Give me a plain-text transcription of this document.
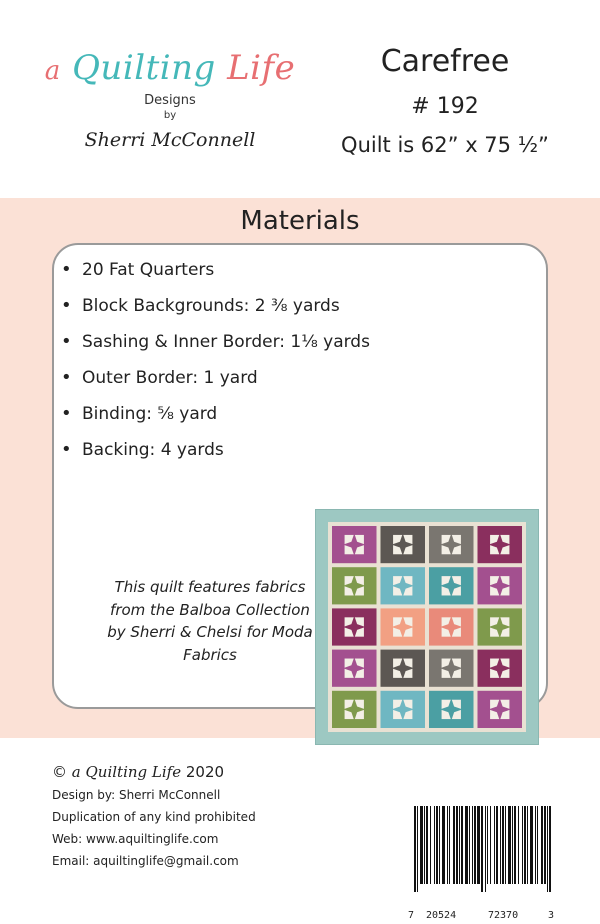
a Quilting Life
Designs
by
Sherri McConnell
Carefree
# 192
Quilt is 62” x 75 ½”
Materials
• 20 Fat Quarters
• Block Backgrounds: 2 ⅜ yards
• Sashing & Inner Border: 1⅛ yards
• Outer Border: 1 yard
• Binding: ⅝ yard
• Backing: 4 yards
This quilt features fabrics from the Balboa Collection by Sherri & Chelsi for Moda Fabrics
© a Quilting Life 2020
Design by: Sherri McConnell
Duplication of any kind prohibited
Web: www.aquiltinglife.com
Email: aquiltinglife@gmail.com
7 20524	72370	3
